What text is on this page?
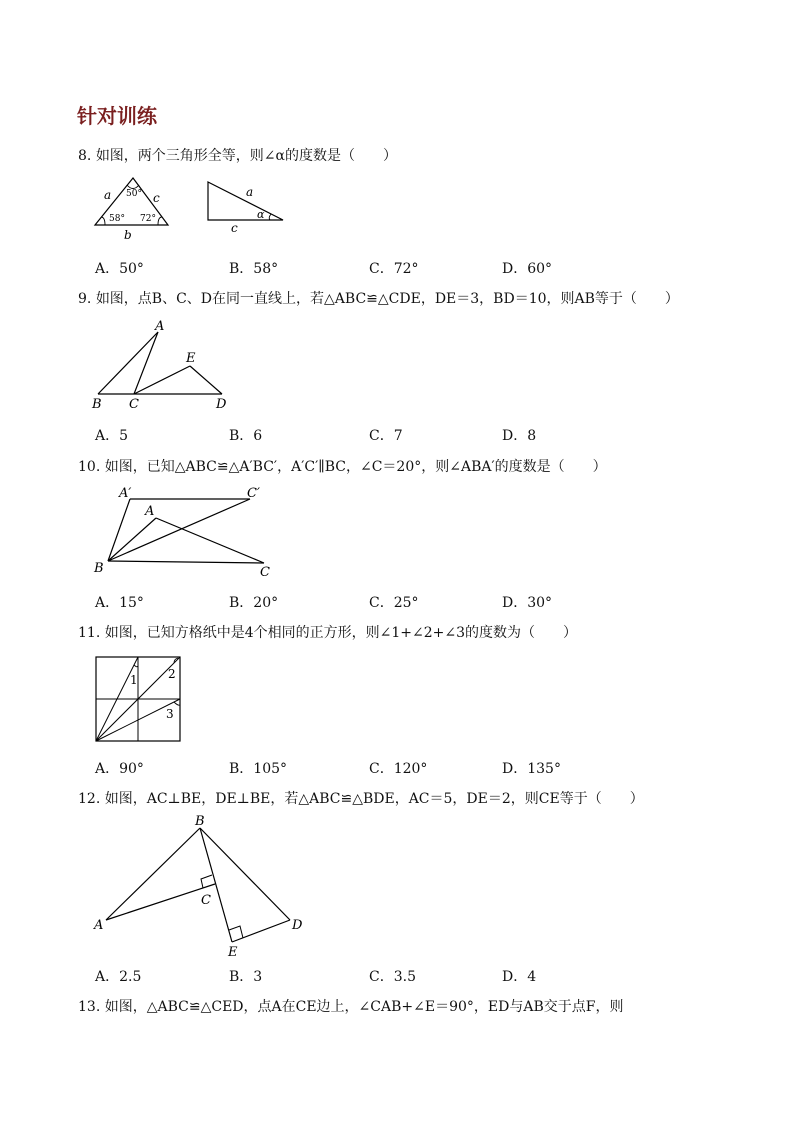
针对训练
8. 如图，两个三角形全等，则∠α的度数是（　　）
a 50° c
58° 72°
b
a
α
c
A．50°	B．58°	C．72°	D．60°
9. 如图，点B、C、D在同一直线上，若△ABC≌△CDE，DE＝3，BD＝10，则AB等于（　　）
A
E
B C	D
A．5	B．6	C．7	D．8
10. 如图，已知△ABC≌△A′BC′，A′C′∥BC，∠C＝20°，则∠ABA′的度数是（　　）
A′	C′
A
B	C
A．15°	B．20°	C．25°	D．30°
11. 如图，已知方格纸中是4个相同的正方形，则∠1+∠2+∠3的度数为（　　）
1	2
3
A．90°	B．105°	C．120°	D．135°
12. 如图，AC⊥BE，DE⊥BE，若△ABC≌△BDE，AC＝5，DE＝2，则CE等于（　　）
B
C
A	D
E
A．2.5	B．3	C．3.5	D．4
13. 如图，△ABC≌△CED，点A在CE边上，∠CAB+∠E＝90°，ED与AB交于点F，则
